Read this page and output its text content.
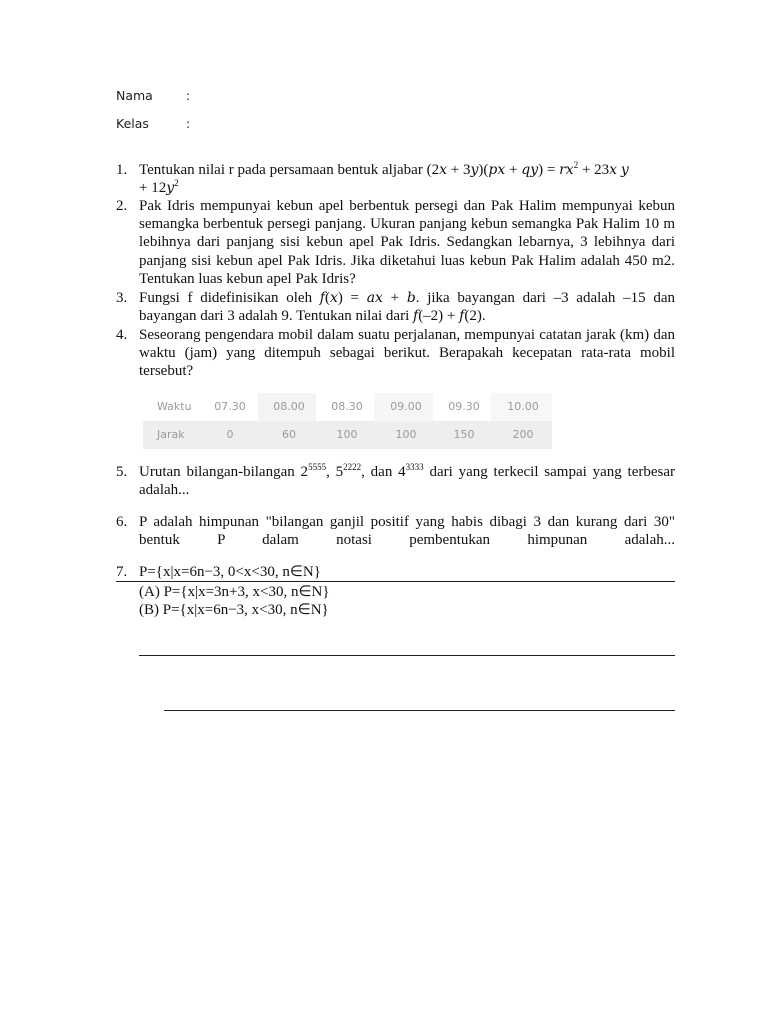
Nama	:
Kelas	:
1. Tentukan nilai r pada persamaan bentuk aljabar $(2x + 3y)(px + qy) = rx^2 + 23x$ y
+ $12y^2$
2. Pak Idris mempunyai kebun apel berbentuk persegi dan Pak Halim mempunyai kebun semangka berbentuk persegi panjang. Ukuran panjang kebun semangka Pak Halim 10 m lebihnya dari panjang sisi kebun apel Pak Idris. Sedangkan lebarnya, 3 lebihnya dari panjang sisi kebun apel Pak Idris. Jika diketahui luas kebun Pak Halim adalah 450 m2. Tentukan luas kebun apel Pak Idris?
3. Fungsi f didefinisikan oleh f(x) = ax + b. jika bayangan dari –3 adalah –15 dan bayangan dari 3 adalah 9. Tentukan nilai dari f(–2) + f(2).
4. Seseorang pengendara mobil dalam suatu perjalanan, mempunyai catatan jarak (km) dan waktu (jam) yang ditempuh sebagai berikut. Berapakah kecepatan rata-rata mobil tersebut?
Waktu	07.30	08.00	08.30	09.00	09.30	10.00
Jarak	0	60	100	100	150	200
5. Urutan bilangan-bilangan $2^{5555}$, $5^{2222}$, dan $4^{3333}$ dari yang terkecil sampai yang terbesar adalah...
6. P adalah himpunan "bilangan ganjil positif yang habis dibagi 3 dan kurang dari 30" bentuk P dalam notasi pembentukan himpunan adalah...
7. P={x|x=6n−3, 0<x<30, n∈N}
(A) P={x|x=3n+3, x<30, n∈N}
(B) P={x|x=6n−3, x<30, n∈N}
